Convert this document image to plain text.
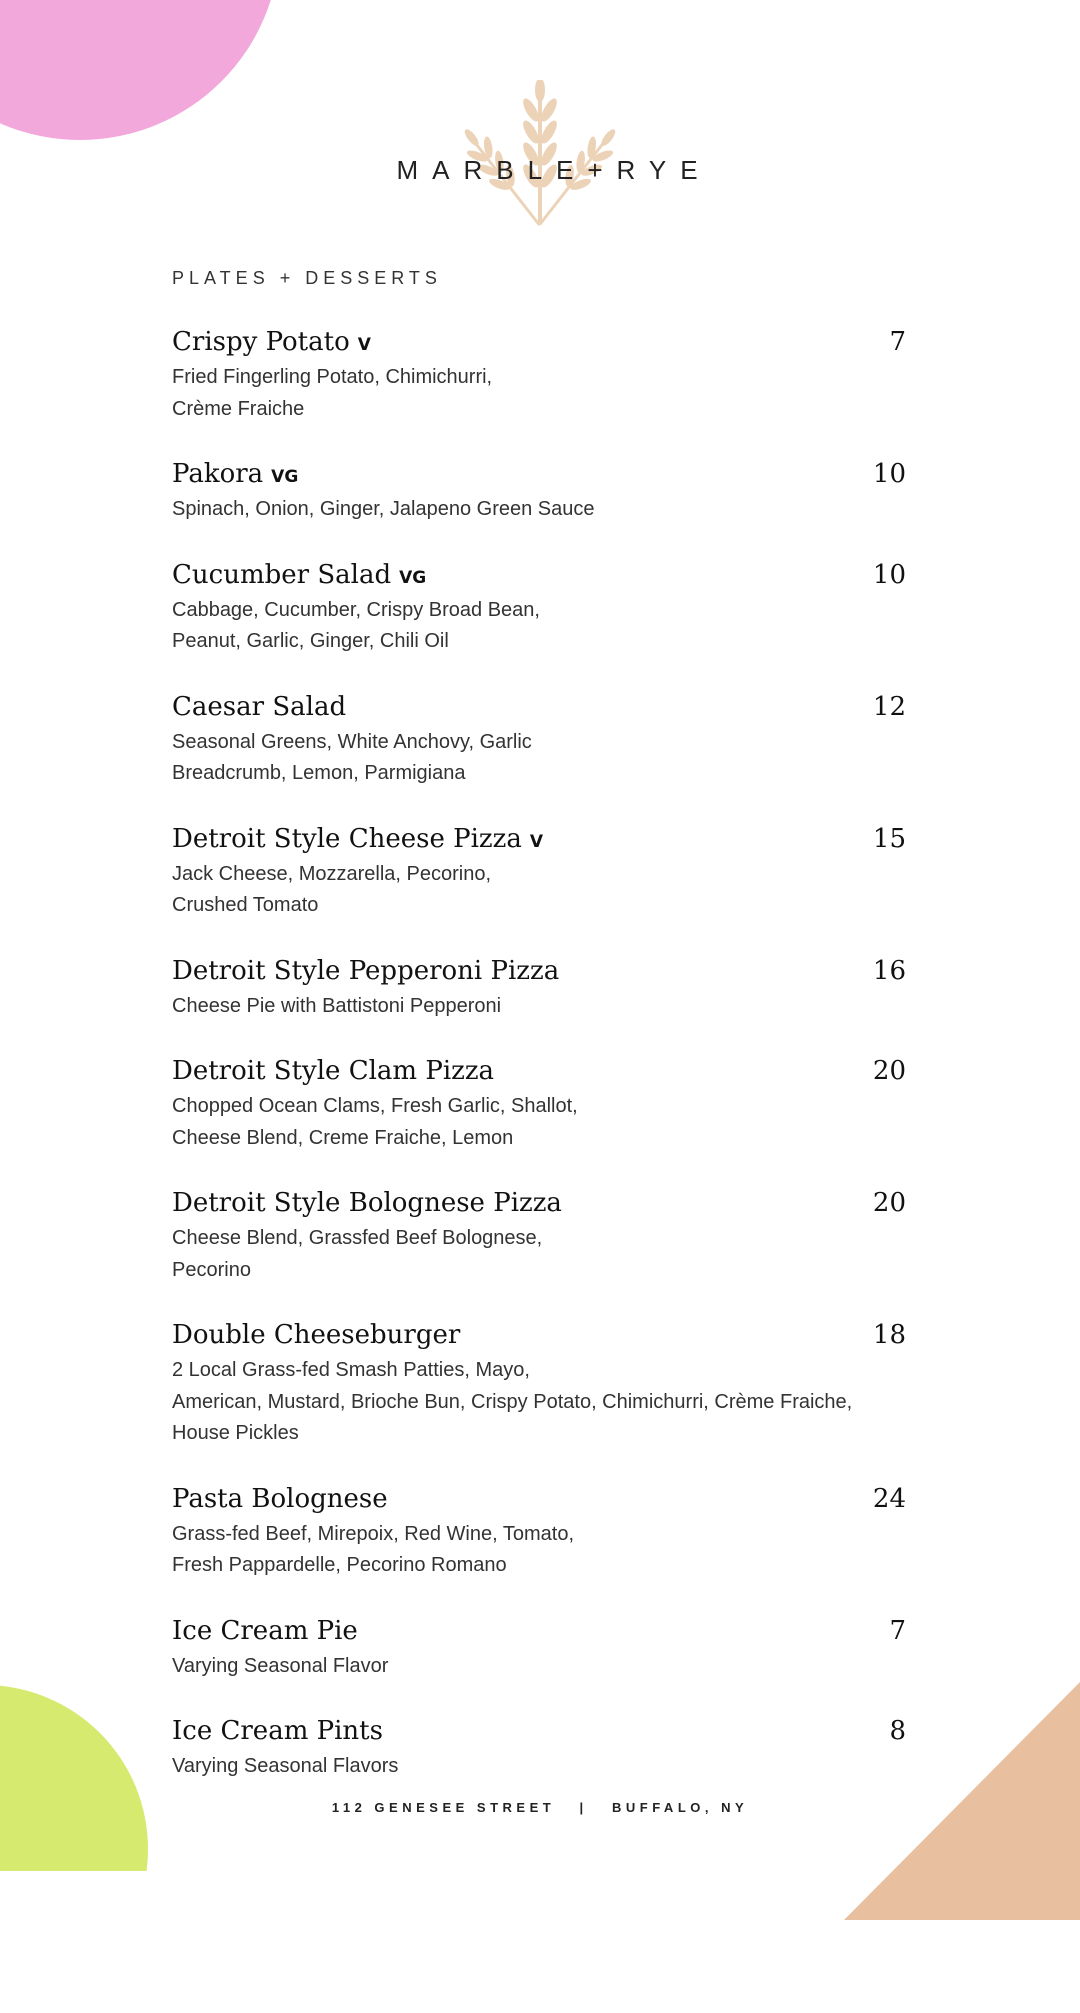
MARBLE+RYE
PLATES + DESSERTS
Crispy Potato V	7
Fried Fingerling Potato, Chimichurri,
Crème Fraiche
Pakora VG	10
Spinach, Onion, Ginger, Jalapeno Green Sauce
Cucumber Salad VG	10
Cabbage, Cucumber, Crispy Broad Bean,
Peanut, Garlic, Ginger, Chili Oil
Caesar Salad	12
Seasonal Greens, White Anchovy, Garlic
Breadcrumb, Lemon, Parmigiana
Detroit Style Cheese Pizza V	15
Jack Cheese, Mozzarella, Pecorino,
Crushed Tomato
Detroit Style Pepperoni Pizza	16
Cheese Pie with Battistoni Pepperoni
Detroit Style Clam Pizza	20
Chopped Ocean Clams, Fresh Garlic, Shallot,
Cheese Blend, Creme Fraiche, Lemon
Detroit Style Bolognese Pizza	20
Cheese Blend, Grassfed Beef Bolognese,
Pecorino
Double Cheeseburger	18
2 Local Grass-fed Smash Patties, Mayo,
American, Mustard, Brioche Bun, Crispy Potato, Chimichurri, Crème Fraiche,
House Pickles
Pasta Bolognese	24
Grass-fed Beef, Mirepoix, Red Wine, Tomato,
Fresh Pappardelle, Pecorino Romano
Ice Cream Pie	7
Varying Seasonal Flavor
Ice Cream Pints	8
Varying Seasonal Flavors
112 GENESEE STREET   |   BUFFALO, NY
